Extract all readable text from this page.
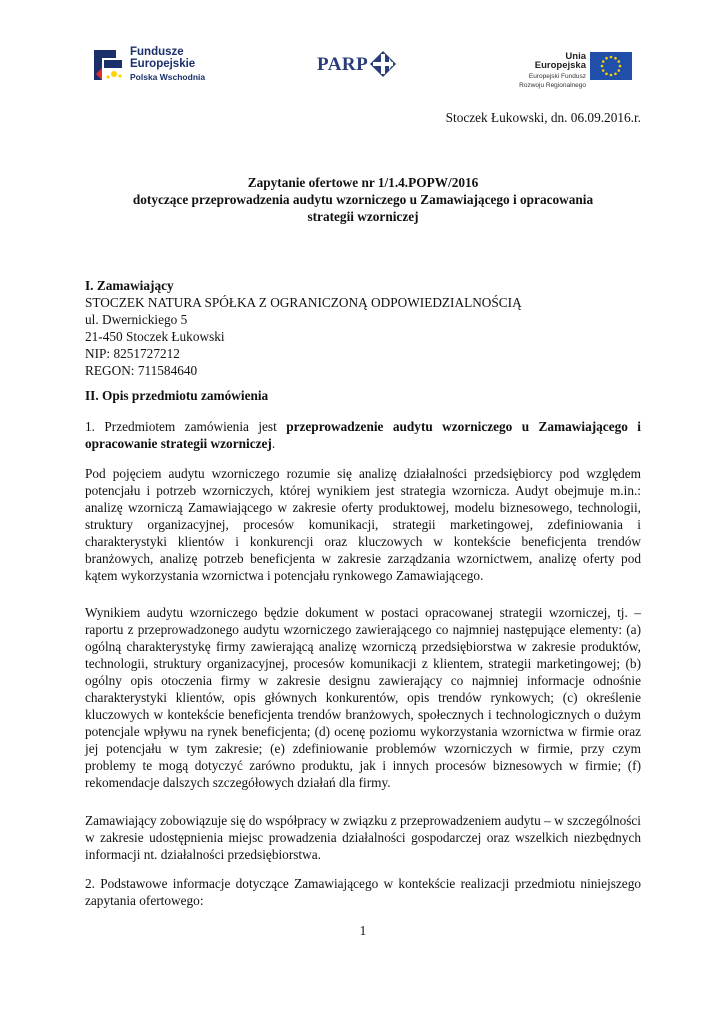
Fundusze
Europejskie
Polska Wschodnia
PARP	Unia Europejska
Europejski Fundusz
Rozwoju Regionalnego
Stoczek Łukowski, dn. 06.09.2016.r.
Zapytanie ofertowe nr 1/1.4.POPW/2016
dotyczące przeprowadzenia audytu wzorniczego u Zamawiającego i opracowania
strategii wzorniczej
I. Zamawiający
STOCZEK NATURA SPÓŁKA Z OGRANICZONĄ ODPOWIEDZIALNOŚCIĄ
ul. Dwernickiego 5
21-450 Stoczek Łukowski
NIP: 8251727212
REGON: 711584640
II. Opis przedmiotu zamówienia

1. Przedmiotem zamówienia jest przeprowadzenie audytu wzorniczego u Zamawiającego i opracowanie strategii wzorniczej.

Pod pojęciem audytu wzorniczego rozumie się analizę działalności przedsiębiorcy pod względem potencjału i potrzeb wzorniczych, której wynikiem jest strategia wzornicza. Audyt obejmuje m.in.: analizę wzorniczą Zamawiającego w zakresie oferty produktowej, modelu biznesowego, technologii, struktury organizacyjnej, procesów komunikacji, strategii marketingowej, zdefiniowania i charakterystyki klientów i konkurencji oraz kluczowych w kontekście beneficjenta trendów branżowych, analizę potrzeb beneficjenta w zakresie zarządzania wzornictwem, analizę oferty pod kątem wykorzystania wzornictwa i potencjału rynkowego Zamawiającego.

Wynikiem audytu wzorniczego będzie dokument w postaci opracowanej strategii wzorniczej, tj. – raportu z przeprowadzonego audytu wzorniczego zawierającego co najmniej następujące elementy: (a) ogólną charakterystykę firmy zawierającą analizę wzorniczą przedsiębiorstwa w zakresie produktów, technologii, struktury organizacyjnej, procesów komunikacji z klientem, strategii marketingowej; (b) ogólny opis otoczenia firmy w zakresie designu zawierający co najmniej informacje odnośnie charakterystyki klientów, opis głównych konkurentów, opis trendów rynkowych; (c) określenie kluczowych w kontekście beneficjenta trendów branżowych, społecznych i technologicznych o dużym potencjale wpływu na rynek beneficjenta; (d) ocenę poziomu wykorzystania wzornictwa w firmie oraz jej potencjału w tym zakresie; (e) zdefiniowanie problemów wzorniczych w firmie, przy czym problemy te mogą dotyczyć zarówno produktu, jak i innych procesów biznesowych w firmie; (f) rekomendacje dalszych szczegółowych działań dla firmy.

Zamawiający zobowiązuje się do współpracy w związku z przeprowadzeniem audytu – w szczególności w zakresie udostępnienia miejsc prowadzenia działalności gospodarczej oraz wszelkich niezbędnych informacji nt. działalności przedsiębiorstwa.

2. Podstawowe informacje dotyczące Zamawiającego w kontekście realizacji przedmiotu niniejszego zapytania ofertowego:

1
